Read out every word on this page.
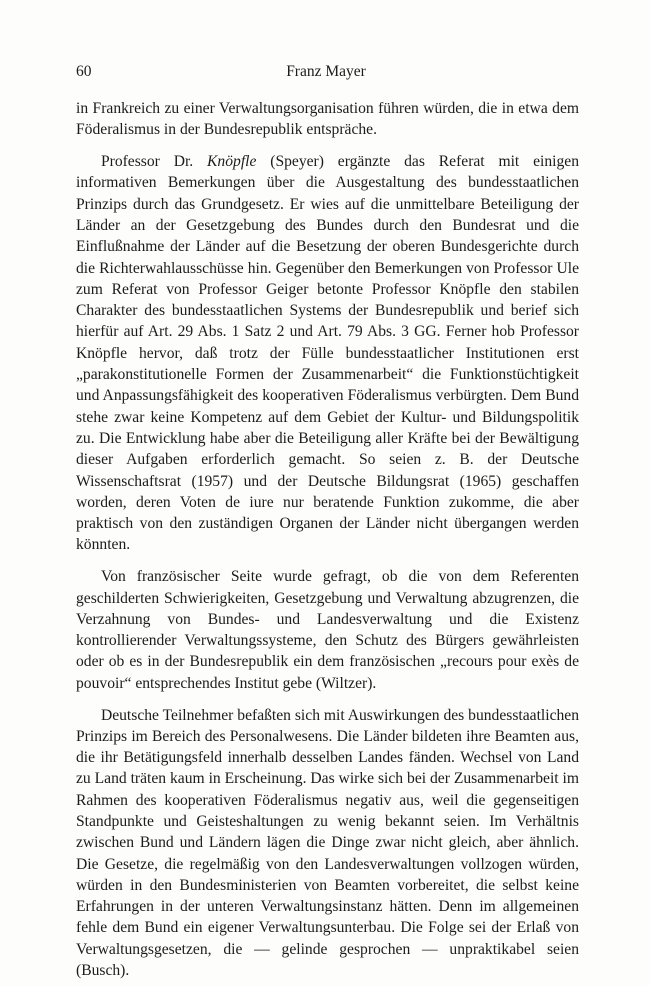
60	Franz Mayer

in Frankreich zu einer Verwaltungsorganisation führen würden, die in etwa dem Föderalismus in der Bundesrepublik entspräche.

Professor Dr. Knöpfle (Speyer) ergänzte das Referat mit einigen informativen Bemerkungen über die Ausgestaltung des bundesstaatlichen Prinzips durch das Grundgesetz. Er wies auf die unmittelbare Beteiligung der Länder an der Gesetzgebung des Bundes durch den Bundesrat und die Einflußnahme der Länder auf die Besetzung der oberen Bundesgerichte durch die Richterwahlausschüsse hin. Gegenüber den Bemerkungen von Professor Ule zum Referat von Professor Geiger betonte Professor Knöpfle den stabilen Charakter des bundesstaatlichen Systems der Bundesrepublik und berief sich hierfür auf Art. 29 Abs. 1 Satz 2 und Art. 79 Abs. 3 GG. Ferner hob Professor Knöpfle hervor, daß trotz der Fülle bundesstaatlicher Institutionen erst „parakonstitutionelle Formen der Zusammenarbeit“ die Funktionstüchtigkeit und Anpassungsfähigkeit des kooperativen Föderalismus verbürgten. Dem Bund stehe zwar keine Kompetenz auf dem Gebiet der Kultur- und Bildungspolitik zu. Die Entwicklung habe aber die Beteiligung aller Kräfte bei der Bewältigung dieser Aufgaben erforderlich gemacht. So seien z. B. der Deutsche Wissenschaftsrat (1957) und der Deutsche Bildungsrat (1965) geschaffen worden, deren Voten de iure nur beratende Funktion zukomme, die aber praktisch von den zuständigen Organen der Länder nicht übergangen werden könnten.

Von französischer Seite wurde gefragt, ob die von dem Referenten geschilderten Schwierigkeiten, Gesetzgebung und Verwaltung abzugrenzen, die Verzahnung von Bundes- und Landesverwaltung und die Existenz kontrollierender Verwaltungssysteme, den Schutz des Bürgers gewährleisten oder ob es in der Bundesrepublik ein dem französischen „recours pour exès de pouvoir“ entsprechendes Institut gebe (Wiltzer).

Deutsche Teilnehmer befaßten sich mit Auswirkungen des bundesstaatlichen Prinzips im Bereich des Personalwesens. Die Länder bildeten ihre Beamten aus, die ihr Betätigungsfeld innerhalb desselben Landes fänden. Wechsel von Land zu Land träten kaum in Erscheinung. Das wirke sich bei der Zusammenarbeit im Rahmen des kooperativen Föderalismus negativ aus, weil die gegenseitigen Standpunkte und Geisteshaltungen zu wenig bekannt seien. Im Verhältnis zwischen Bund und Ländern lägen die Dinge zwar nicht gleich, aber ähnlich. Die Gesetze, die regelmäßig von den Landesverwaltungen vollzogen würden, würden in den Bundesministerien von Beamten vorbereitet, die selbst keine Erfahrungen in der unteren Verwaltungsinstanz hätten. Denn im allgemeinen fehle dem Bund ein eigener Verwaltungsunterbau. Die Folge sei der Erlaß von Verwaltungsgesetzen, die — gelinde gesprochen — unpraktikabel seien (Busch).
